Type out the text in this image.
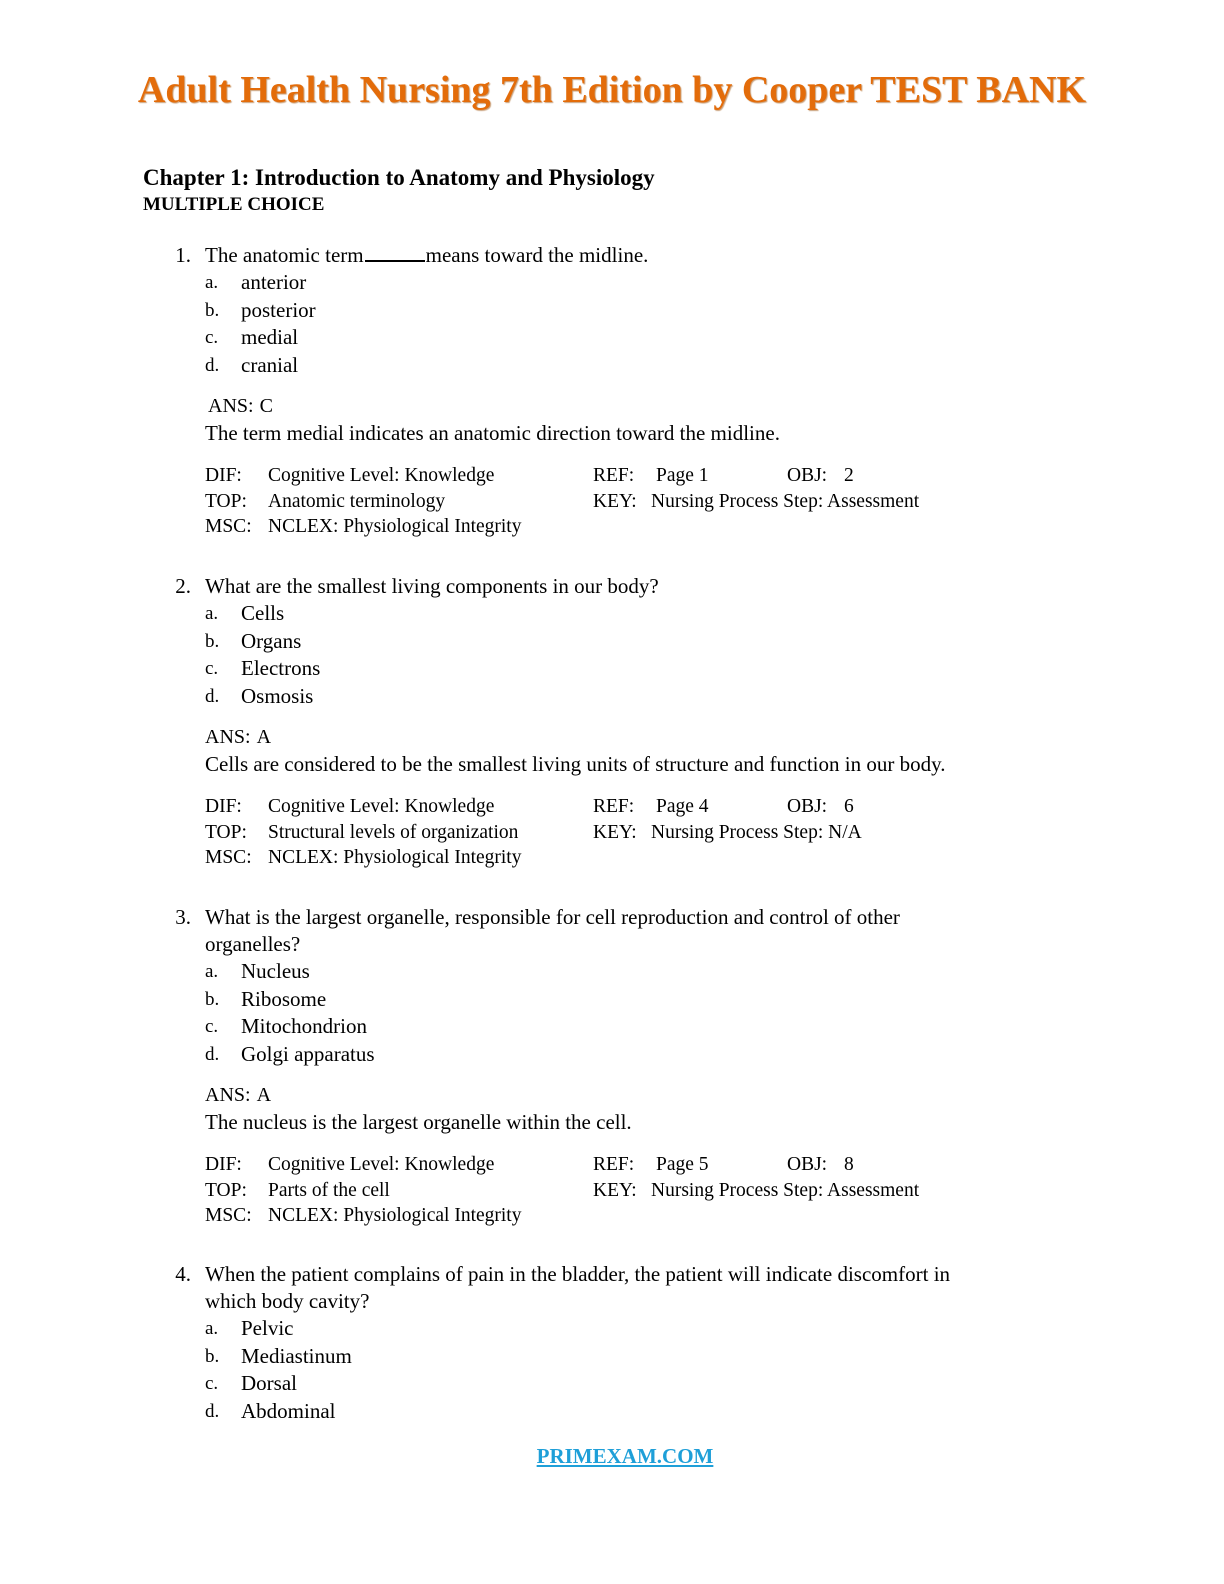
Adult Health Nursing 7th Edition by Cooper TEST BANK
Chapter 1: Introduction to Anatomy and Physiology
MULTIPLE CHOICE
1. The anatomic term	means toward the midline.
a. anterior
b. posterior
c. medial
d. cranial
ANS: C
The term medial indicates an anatomic direction toward the midline.
DIF: Cognitive Level: Knowledge	REF: Page 1	OBJ: 2
TOP: Anatomic terminology	KEY: Nursing Process Step: Assessment
MSC: NCLEX: Physiological Integrity
2. What are the smallest living components in our body?
a. Cells
b. Organs
c. Electrons
d. Osmosis
ANS: A
Cells are considered to be the smallest living units of structure and function in our body.
DIF: Cognitive Level: Knowledge	REF: Page 4	OBJ: 6
TOP: Structural levels of organization	KEY: Nursing Process Step: N/A
MSC: NCLEX: Physiological Integrity
3. What is the largest organelle, responsible for cell reproduction and control of other
organelles?
a. Nucleus
b. Ribosome
c. Mitochondrion
d. Golgi apparatus
ANS: A
The nucleus is the largest organelle within the cell.
DIF: Cognitive Level: Knowledge	REF: Page 5	OBJ: 8
TOP: Parts of the cell	KEY: Nursing Process Step: Assessment
MSC: NCLEX: Physiological Integrity
4. When the patient complains of pain in the bladder, the patient will indicate discomfort in
which body cavity?
a. Pelvic
b. Mediastinum
c. Dorsal
d. Abdominal
PRIMEXAM.COM
